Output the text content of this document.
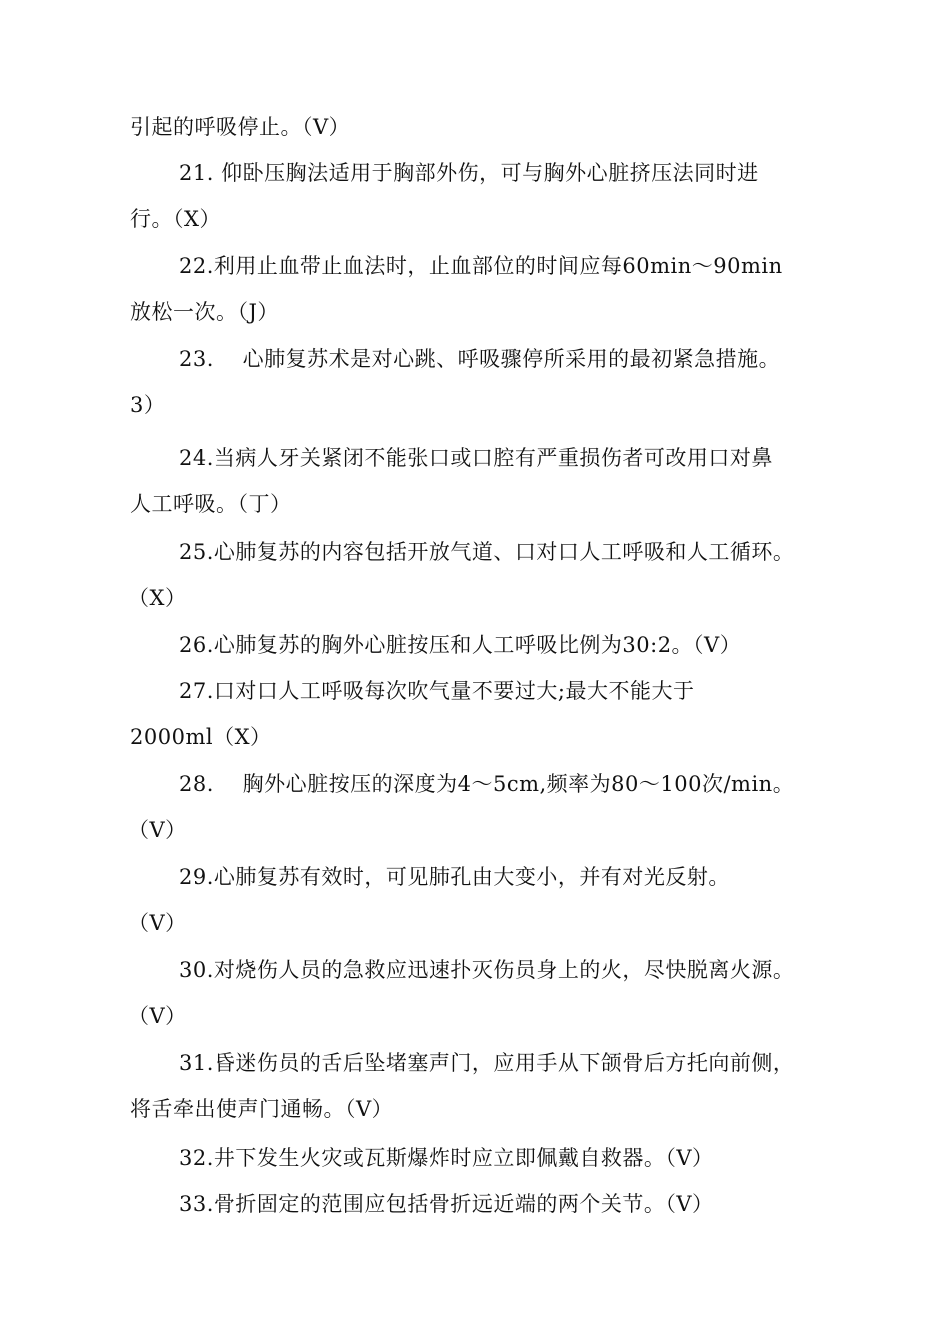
引起的呼吸停止。（V）
21. 仰卧压胸法适用于胸部外伤，可与胸外心脏挤压法同时进
行。（X）
22.利用止血带止血法时，止血部位的时间应每60min〜90min
放松一次。（J）
23.    心肺复苏术是对心跳、呼吸骤停所采用的最初紧急措施。
3）
24.当病人牙关紧闭不能张口或口腔有严重损伤者可改用口对鼻
人工呼吸。（丁）
25.心肺复苏的内容包括开放气道、口对口人工呼吸和人工循环。
（X）
26.心肺复苏的胸外心脏按压和人工呼吸比例为30:2。（V）
27.口对口人工呼吸每次吹气量不要过大;最大不能大于
2000ml（X）
28.    胸外心脏按压的深度为4〜5cm,频率为80〜100次/min。
（V）
29.心肺复苏有效时，可见肺孔由大变小，并有对光反射。
（V）
30.对烧伤人员的急救应迅速扑灭伤员身上的火，尽快脱离火源。
（V）
31.昏迷伤员的舌后坠堵塞声门，应用手从下颌骨后方托向前侧，
将舌牵出使声门通畅。（V）
32.井下发生火灾或瓦斯爆炸时应立即佩戴自救器。（V）
33.骨折固定的范围应包括骨折远近端的两个关节。（V）
